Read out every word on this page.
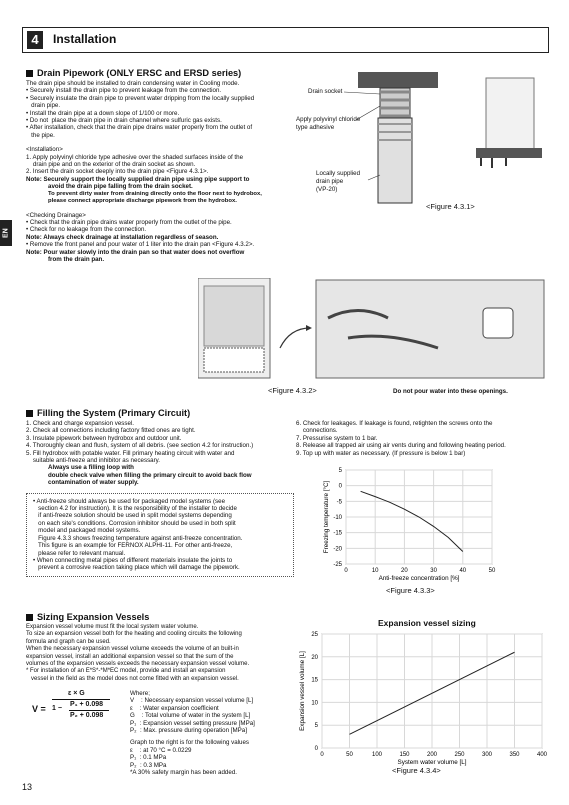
4	Installation
EN
Drain Pipework (ONLY ERSC and ERSD series)
The drain pipe should be installed to drain condensing water in Cooling mode.
• Securely install the drain pipe to prevent leakage from the connection.
• Securely insulate the drain pipe to prevent water dripping from the locally supplied
drain pipe.
• Install the drain pipe at a down slope of 1/100 or more.
• Do not  place the drain pipe in drain channel where sulfuric gas exists.
• After installation, check that the drain pipe drains water properly from the outlet of
the pipe.
<Installation>
1. Apply polyvinyl chloride type adhesive over the shaded surfaces inside of the
drain pipe and on the exterior of the drain socket as shown.
2. Insert the drain socket deeply into the drain pipe <Figure 4.3.1>.
Note: Securely support the locally supplied drain pipe using pipe support to
avoid the drain pipe falling from the drain socket.
To prevent dirty water from draining directly onto the floor next to hydrobox,
please connect appropriate discharge pipework from the hydrobox.
<Checking Drainage>
• Check that the drain pipe drains water properly from the outlet of the pipe.
• Check for no leakage from the connection.
Note: Always check drainage at installation regardless of season.
• Remove the front panel and pour water of 1 liter into the drain pan <Figure 4.3.2>.
Note: Pour water slowly into the drain pan so that water does not overflow
from the drain pan.
Drain socket
Apply polyvinyl chloride
type adhesive
Locally supplied
drain pipe
(VP-20)
<Figure 4.3.1>
<Figure 4.3.2>	Do not pour water into these openings.
Filling the System (Primary Circuit)
1. Check and charge expansion vessel.
2. Check all connections including factory fitted ones are tight.
3. Insulate pipework between hydrobox and outdoor unit.
4. Thoroughly clean and flush, system of all debris. (see section 4.2 for instruction.)
5. Fill hydrobox with potable water. Fill primary heating circuit with water and
suitable anti-freeze and inhibitor as necessary.
Always use a filling loop with
double check valve when filling the primary circuit to avoid back flow
contamination of water supply.
• Anti-freeze should always be used for packaged model systems (see
section 4.2 for instruction). It is the responsibility of the installer to decide
if anti-freeze solution should be used in split model systems depending
on each site's conditions. Corrosion inhibitor should be used in both split
model and packaged model systems.
Figure 4.3.3 shows freezing temperature against anti-freeze concentration.
This figure is an example for FERNOX ALPHI-11. For other anti-freeze,
please refer to relevant manual.
• When connecting metal pipes of different materials insulate the joints to
prevent a corrosive reaction taking place which will damage the pipework.
6. Check for leakages. If leakage is found, retighten the screws onto the
connections.
7. Pressurise system to 1 bar.
8. Release all trapped air using air vents during and following heating period.
9. Top up with water as necessary. (If pressure is below 1 bar)
5
0
-5
-10
-15
-20
-25
0	10	20	30	40	50
Anti-freeze concentration [%]
Freezing temperature [°C]
<Figure 4.3.3>
Sizing Expansion Vessels
Expansion vessel volume must fit the local system water volume.
To size an expansion vessel both for the heating and cooling circuits the following
formula and graph can be used.
When the necessary expansion vessel volume exceeds the volume of an built-in
expansion vessel, install an additional expansion vessel so that the sum of the
volumes of the expansion vessels exceeds the necessary expansion vessel volume.
* For installation of an E*S*-*M*EC model, provide and install an expansion
vessel in the field as the model does not come fitted with an expansion vessel.
V =
ε × G
1 −
P₁ + 0.098
P₂ + 0.098
Where;
V    : Necessary expansion vessel volume [L]
ε    : Water expansion coefficient
G    : Total volume of water in the system [L]
P₁  : Expansion vessel setting pressure [MPa]
P₂  : Max. pressure during operation [MPa]
Graph to the right is for the following values
ε    : at 70 °C = 0.0229
P₁  : 0.1 MPa
P₂  : 0.3 MPa
*A 30% safety margin has been added.
Expansion vessel sizing
0
5
10
15
20
25
0	50	100	150	200	250	300	350	400
System water volume [L]
Expansion vessel volume [L]
<Figure 4.3.4>
13
